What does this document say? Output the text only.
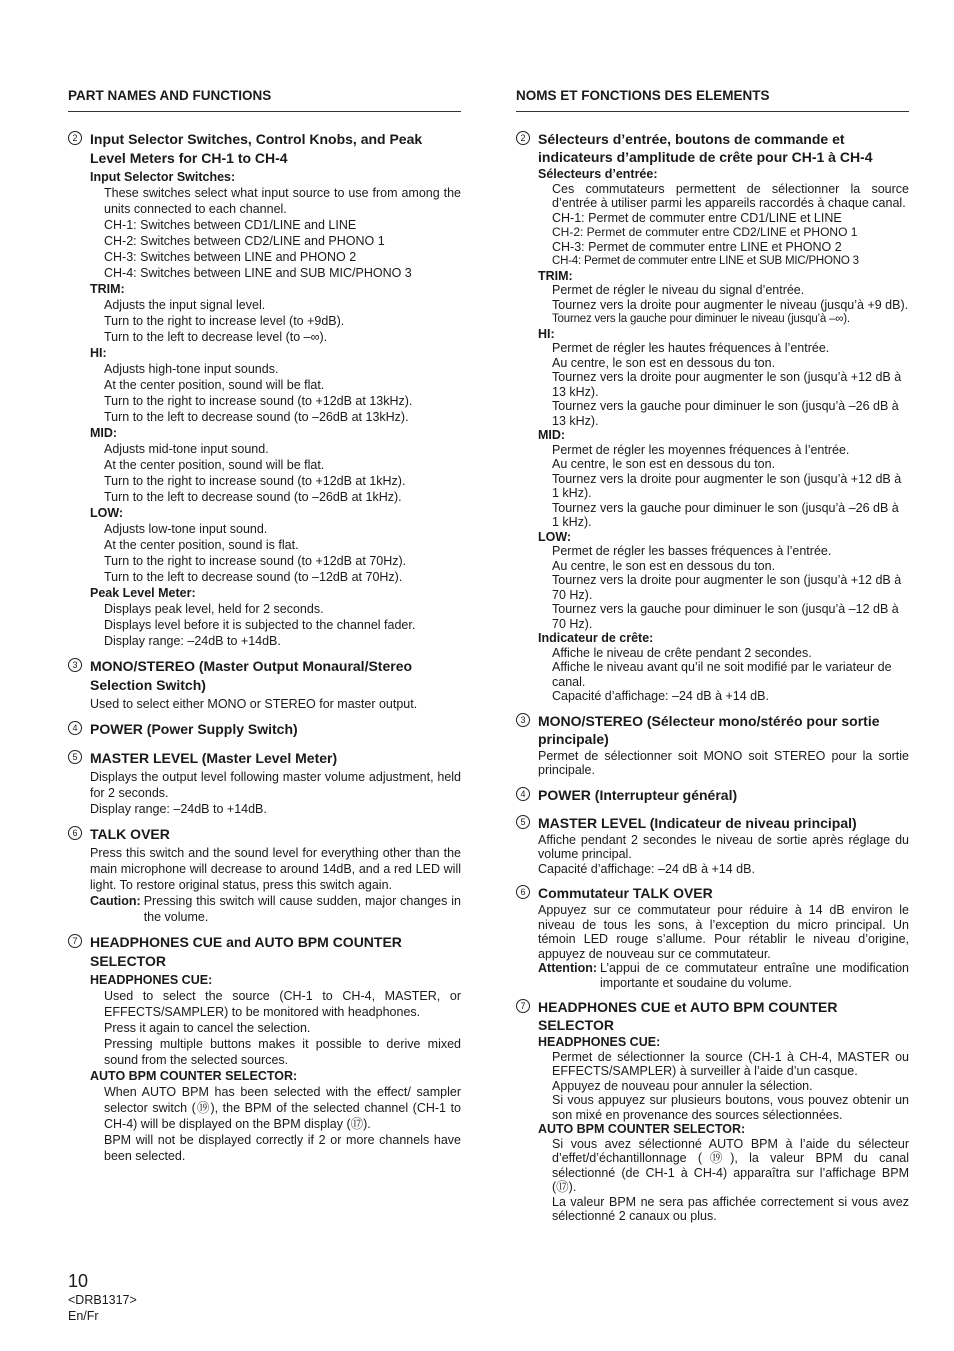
PART NAMES AND FUNCTIONS
2 Input Selector Switches, Control Knobs, and Peak Level Meters for CH-1 to CH-4
Input Selector Switches:
These switches select what input source to use from among the units connected to each channel.
CH-1: Switches between CD1/LINE and LINE
CH-2: Switches between CD2/LINE and PHONO 1
CH-3: Switches between LINE and PHONO 2
CH-4: Switches between LINE and SUB MIC/PHONO 3
TRIM:
Adjusts the input signal level.
Turn to the right to increase level (to +9dB).
Turn to the left to decrease level (to –∞).
HI:
Adjusts high-tone input sounds.
At the center position, sound will be flat.
Turn to the right to increase sound (to +12dB at 13kHz).
Turn to the left to decrease sound (to –26dB at 13kHz).
MID:
Adjusts mid-tone input sound.
At the center position, sound will be flat.
Turn to the right to increase sound (to +12dB at 1kHz).
Turn to the left to decrease sound (to –26dB at 1kHz).
LOW:
Adjusts low-tone input sound.
At the center position, sound is flat.
Turn to the right to increase sound (to +12dB at 70Hz).
Turn to the left to decrease sound (to –12dB at 70Hz).
Peak Level Meter:
Displays peak level, held for 2 seconds.
Displays level before it is subjected to the channel fader.
Display range: –24dB to +14dB.
3 MONO/STEREO (Master Output Monaural/Stereo Selection Switch)
Used to select either MONO or STEREO for master output.
4 POWER (Power Supply Switch)
5 MASTER LEVEL (Master Level Meter)
Displays the output level following master volume adjustment, held for 2 seconds.
Display range: –24dB to +14dB.
6 TALK OVER
Press this switch and the sound level for everything other than the main microphone will decrease to around 14dB, and a red LED will light. To restore original status, press this switch again.
Caution: Pressing this switch will cause sudden, major changes in the volume.
7 HEADPHONES CUE and AUTO BPM COUNTER SELECTOR
HEADPHONES CUE:
Used to select the source (CH-1 to CH-4, MASTER, or EFFECTS/SAMPLER) to be monitored with headphones.
Press it again to cancel the selection.
Pressing multiple buttons makes it possible to derive mixed sound from the selected sources.
AUTO BPM COUNTER SELECTOR:
When AUTO BPM has been selected with the effect/ sampler selector switch (⑲), the BPM of the selected channel (CH-1 to CH-4) will be displayed on the BPM display (⑰).
BPM will not be displayed correctly if 2 or more channels have been selected.
NOMS ET FONCTIONS DES ELEMENTS
2 Sélecteurs d’entrée, boutons de commande et indicateurs d’amplitude de crête pour CH-1 à CH-4
Sélecteurs d’entrée:
Ces commutateurs permettent de sélectionner la source d’entrée à utiliser parmi les appareils raccordés à chaque canal.
CH-1: Permet de commuter entre CD1/LINE et LINE
CH-2: Permet de commuter entre CD2/LINE et PHONO 1
CH-3: Permet de commuter entre LINE et PHONO 2
CH-4: Permet de commuter entre LINE et SUB MIC/PHONO 3
TRIM:
Permet de régler le niveau du signal d’entrée.
Tournez vers la droite pour augmenter le niveau (jusqu’à +9 dB).
Tournez vers la gauche pour diminuer le niveau (jusqu’à –∞).
HI:
Permet de régler les hautes fréquences à l’entrée.
Au centre, le son est en dessous du ton.
Tournez vers la droite pour augmenter le son (jusqu’à +12 dB à 13 kHz).
Tournez vers la gauche pour diminuer le son (jusqu’à –26 dB à 13 kHz).
MID:
Permet de régler les moyennes fréquences à l’entrée.
Au centre, le son est en dessous du ton.
Tournez vers la droite pour augmenter le son (jusqu’à +12 dB à 1 kHz).
Tournez vers la gauche pour diminuer le son (jusqu’à –26 dB à 1 kHz).
LOW:
Permet de régler les basses fréquences à l’entrée.
Au centre, le son est en dessous du ton.
Tournez vers la droite pour augmenter le son (jusqu’à +12 dB à 70 Hz).
Tournez vers la gauche pour diminuer le son (jusqu’à –12 dB à 70 Hz).
Indicateur de crête:
Affiche le niveau de crête pendant 2 secondes.
Affiche le niveau avant qu’il ne soit modifié par le variateur de canal.
Capacité d’affichage: –24 dB à +14 dB.
3 MONO/STEREO (Sélecteur mono/stéréo pour sortie principale)
Permet de sélectionner soit MONO soit STEREO pour la sortie principale.
4 POWER (Interrupteur général)
5 MASTER LEVEL (Indicateur de niveau principal)
Affiche pendant 2 secondes le niveau de sortie après réglage du volume principal.
Capacité d’affichage: –24 dB à +14 dB.
6 Commutateur TALK OVER
Appuyez sur ce commutateur pour réduire à 14 dB environ le niveau de tous les sons, à l’exception du micro principal. Un témoin LED rouge s’allume. Pour rétablir le niveau d’origine, appuyez de nouveau sur ce commutateur.
Attention: L’appui de ce commutateur entraîne une modification importante et soudaine du volume.
7 HEADPHONES CUE et AUTO BPM COUNTER SELECTOR
HEADPHONES CUE:
Permet de sélectionner la source (CH-1 à CH-4, MASTER ou EFFECTS/SAMPLER) à surveiller à l’aide d’un casque.
Appuyez de nouveau pour annuler la sélection.
Si vous appuyez sur plusieurs boutons, vous pouvez obtenir un son mixé en provenance des sources sélectionnées.
AUTO BPM COUNTER SELECTOR:
Si vous avez sélectionné AUTO BPM à l’aide du sélecteur d’effet/d’échantillonnage (⑲), la valeur BPM du canal sélectionné (de CH-1 à CH-4) apparaîtra sur l’affichage BPM (⑰).
La valeur BPM ne sera pas affichée correctement si vous avez sélectionné 2 canaux ou plus.
10
<DRB1317>
En/Fr
